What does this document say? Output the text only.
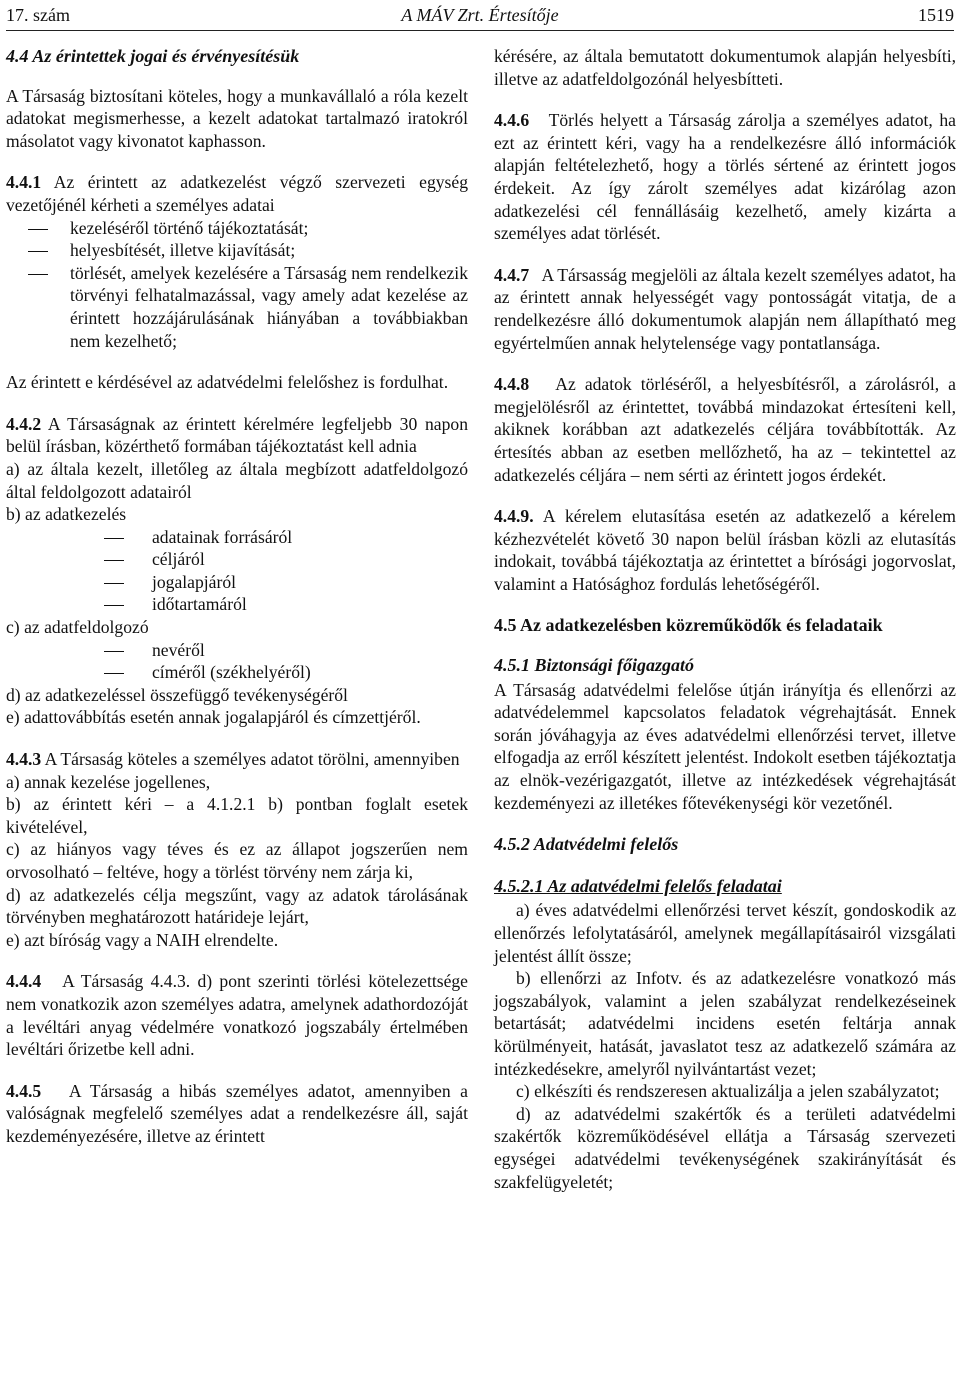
17. szám	A MÁV Zrt. Értesítője	1519
4.4 Az érintettek jogai és érvényesítésük

A Társaság biztosítani köteles, hogy a munkavállaló a róla kezelt adatokat megismerhesse, a kezelt adatokat tartalmazó iratokról másolatot vagy kivonatot kaphasson.

4.4.1 Az érintett az adatkezelést végző szervezeti egység vezetőjénél kérheti a személyes adatai

kezeléséről történő tájékoztatását;
helyesbítését, illetve kijavítását;
törlését, amelyek kezelésére a Társaság nem rendelkezik törvényi felhatalmazással, vagy amely adat kezelése az érintett hozzájárulásának hiányában a továbbiakban nem kezelhető;

Az érintett e kérdésével az adatvédelmi felelőshez is fordulhat.

4.4.2 A Társaságnak az érintett kérelmére legfeljebb 30 napon belül írásban, közérthető formában tájékoztatást kell adnia

a) az általa kezelt, illetőleg az általa megbízott adatfeldolgozó által feldolgozott adatairól

b) az adatkezelés

adatainak forrásáról
céljáról
jogalapjáról
időtartamáról

c) az adatfeldolgozó

nevéről
címéről (székhelyéről)

d) az adatkezeléssel összefüggő tevékenységéről

e) adattovábbítás esetén annak jogalapjáról és címzettjéről.

4.4.3 A Társaság köteles a személyes adatot törölni, amennyiben

a) annak kezelése jogellenes,

b) az érintett kéri – a 4.1.2.1 b) pontban foglalt esetek kivételével,

c) az hiányos vagy téves és ez az állapot jogszerűen nem orvosolható – feltéve, hogy a törlést törvény nem zárja ki,

d) az adatkezelés célja megszűnt, vagy az adatok tárolásának törvényben meghatározott határideje lejárt,

e) azt bíróság vagy a NAIH elrendelte.

4.4.4   A Társaság 4.4.3. d) pont szerinti törlési kötelezettsége nem vonatkozik azon személyes adatra, amelynek adathordozóját a levéltári anyag védelmére vonatkozó jogszabály értelmében levéltári őrizetbe kell adni.

4.4.5   A Társaság a hibás személyes adatot, amennyiben a valóságnak megfelelő személyes adat a rendelkezésre áll, saját kezdeményezésére, illetve az érintett

kérésére, az általa bemutatott dokumentumok alapján helyesbíti, illetve az adatfeldolgozónál helyesbítteti.

4.4.6   Törlés helyett a Társaság zárolja a személyes adatot, ha ezt az érintett kéri, vagy ha a rendelkezésre álló információk alapján feltételezhető, hogy a törlés sértené az érintett jogos érdekeit. Az így zárolt személyes adat kizárólag azon adatkezelési cél fennállásáig kezelhető, amely kizárta a személyes adat törlését.

4.4.7   A Társasság megjelöli az általa kezelt személyes adatot, ha az érintett annak helyességét vagy pontosságát vitatja, de a rendelkezésre álló dokumentumok alapján nem állapítható meg egyértelműen annak helytelensége vagy pontatlansága.

4.4.8   Az adatok törléséről, a helyesbítésről, a zárolásról, a megjelölésről az érintettet, továbbá mindazokat értesíteni kell, akiknek korábban azt adatkezelés céljára továbbították. Az értesítés abban az esetben mellőzhető, ha az – tekintettel az adatkezelés céljára – nem sérti az érintett jogos érdekét.

4.4.9. A kérelem elutasítása esetén az adatkezelő a kérelem kézhezvételét követő 30 napon belül írásban közli az elutasítás indokait, továbbá tájékoztatja az érintettet a bírósági jogorvoslat, valamint a Hatósághoz fordulás lehetőségéről.

4.5 Az adatkezelésben közreműködők és feladataik
4.5.1 Biztonsági főigazgató

A Társaság adatvédelmi felelőse útján irányítja és ellenőrzi az adatvédelemmel kapcsolatos feladatok végrehajtását. Ennek során jóváhagyja az éves adatvédelmi ellenőrzési tervet, illetve elfogadja az erről készített jelentést. Indokolt esetben tájékoztatja az elnök-vezérigazgatót, illetve az intézkedések végrehajtását kezdeményezi az illetékes főtevékenységi kör vezetőnél.

4.5.2 Adatvédelmi felelős
4.5.2.1 Az adatvédelmi felelős feladatai

a) éves adatvédelmi ellenőrzési tervet készít, gondoskodik az ellenőrzés lefolytatásáról, amelynek megállapításairól vizsgálati jelentést állít össze;

b) ellenőrzi az Infotv. és az adatkezelésre vonatkozó más jogszabályok, valamint a jelen szabályzat rendelkezéseinek betartását; adatvédelmi incidens esetén feltárja annak körülményeit, hatását, javaslatot tesz az adatkezelő számára az intézkedésekre, amelyről nyilvántartást vezet;

c) elkészíti és rendszeresen aktualizálja a jelen szabályzatot;

d) az adatvédelmi szakértők és a területi adatvédelmi szakértők közreműködésével ellátja a Társaság szervezeti egységei adatvédelmi tevékenységének szakirányítását és szakfelügyeletét;
